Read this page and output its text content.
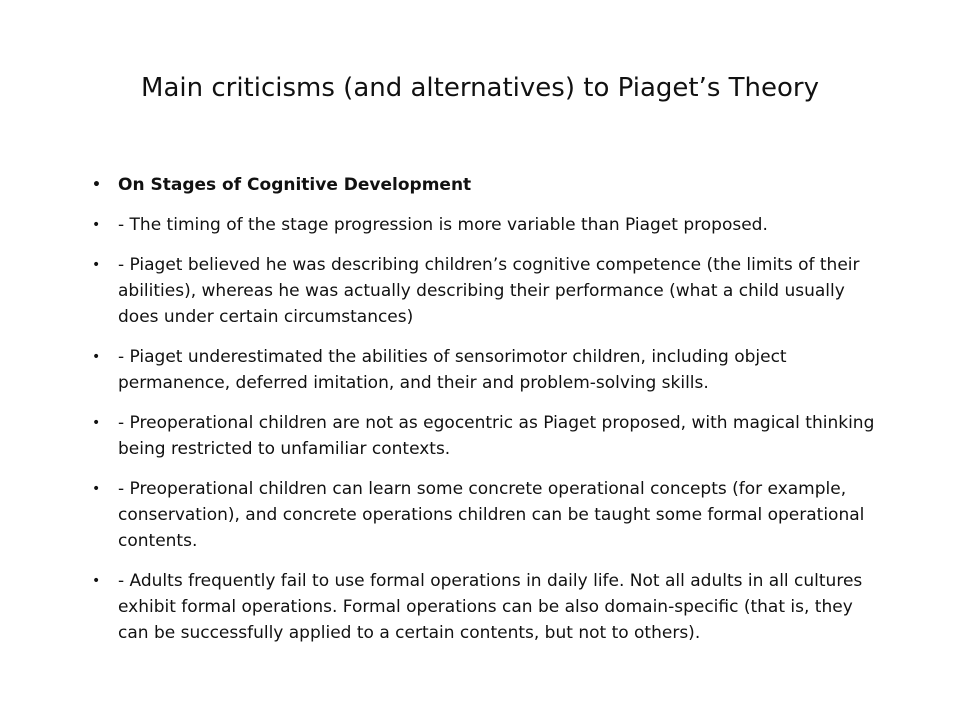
Main criticisms (and alternatives) to Piaget’s Theory
• On Stages of Cognitive Development
•	- The timing of the stage progression is more variable than Piaget proposed.
•	- Piaget believed he was describing children’s cognitive competence (the limits of their abilities), whereas he was actually describing their performance (what a child usually does under certain circumstances)
•	- Piaget underestimated the abilities of sensorimotor children, including object permanence, deferred imitation, and their and problem-solving skills.
•	- Preoperational children are not as egocentric as Piaget proposed, with magical thinking being restricted to unfamiliar contexts.
•	- Preoperational children can learn some concrete operational concepts (for example, conservation), and concrete operations children can be taught some formal operational contents.
•	- Adults frequently fail to use formal operations in daily life. Not all adults in all cultures exhibit formal operations. Formal operations can be also domain-specific (that is, they can be successfully applied to a certain contents, but not to others).
